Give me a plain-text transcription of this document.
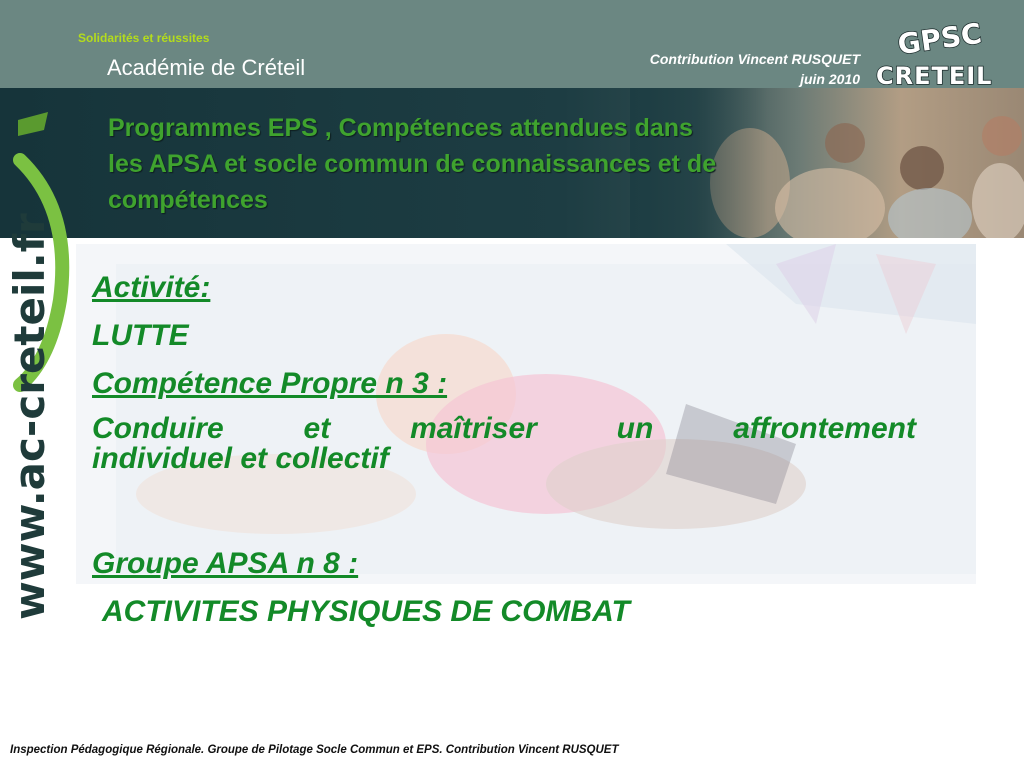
Solidarités et réussites
Académie de Créteil	Contribution Vincent RUSQUET
juin 2010
Programmes EPS , Compétences attendues dans
les APSA et socle commun de connaissances et de
compétences
GPSC
CRETEIL
www.ac-creteil.fr Activité:
LUTTE
Compétence Propre n 3 :
Conduire et maîtriser un affrontement
individuel et collectif
Groupe APSA n 8 :
ACTIVITES PHYSIQUES DE COMBAT
Inspection Pédagogique Régionale. Groupe de Pilotage Socle Commun et EPS. Contribution Vincent RUSQUET
